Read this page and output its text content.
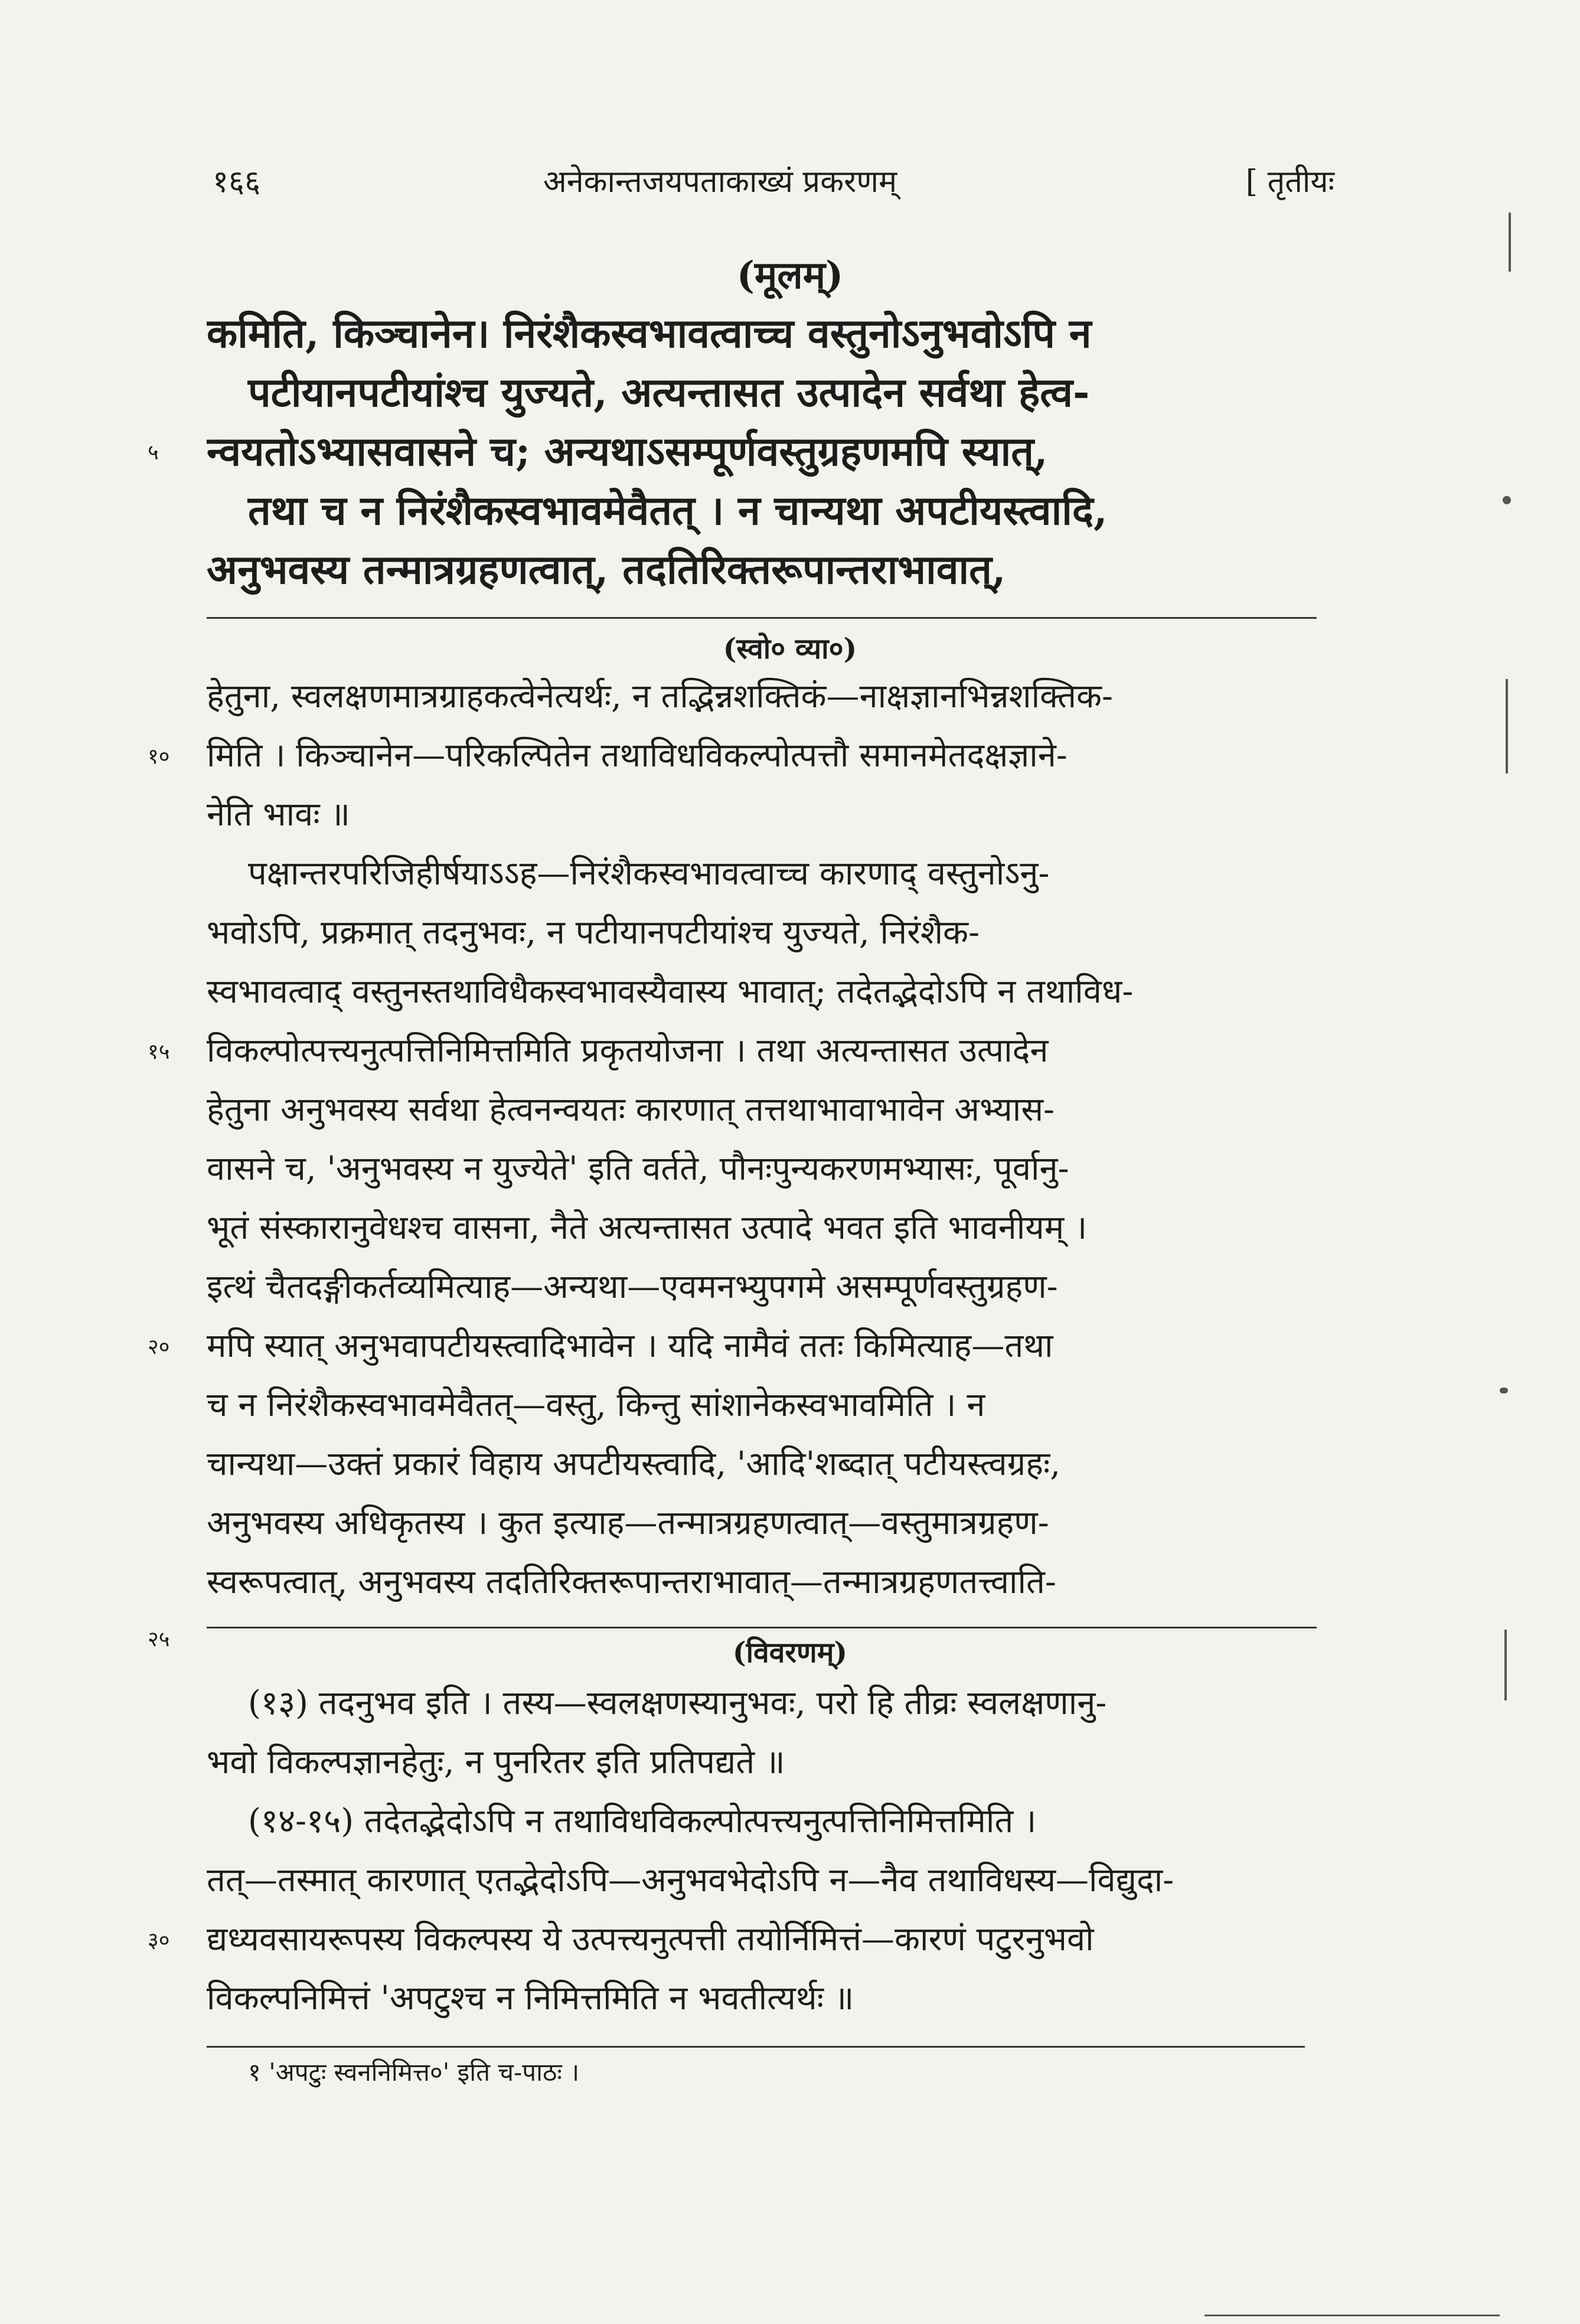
१६६	अनेकान्तजयपताकाख्यं प्रकरणम्	[ तृतीयः
(मूलम्)
कमिति, किञ्चानेन। निरंशैकस्वभावत्वाच्च वस्तुनोऽनुभवोऽपि न
पटीयानपटीयांश्च युज्यते, अत्यन्तासत उत्पादेन सर्वथा हेत्व-
५	न्वयतोऽभ्यासवासने च; अन्यथाऽसम्पूर्णवस्तुग्रहणमपि स्यात्,
तथा च न निरंशैकस्वभावमेवैतत् । न चान्यथा अपटीयस्त्वादि,
अनुभवस्य तन्मात्रग्रहणत्वात्, तदतिरिक्तरूपान्तराभावात्,
(स्वो० व्या०)
हेतुना, स्वलक्षणमात्रग्राहकत्वेनेत्यर्थः, न तद्भिन्नशक्तिकं—नाक्षज्ञानभिन्नशक्तिक-
१०	मिति । किञ्चानेन—परिकल्पितेन तथाविधविकल्पोत्पत्तौ समानमेतदक्षज्ञाने-
नेति भावः ॥
पक्षान्तरपरिजिहीर्षयाऽऽह—निरंशैकस्वभावत्वाच्च कारणाद् वस्तुनोऽनु-
भवोऽपि, प्रक्रमात् तदनुभवः, न पटीयानपटीयांश्च युज्यते, निरंशैक-
स्वभावत्वाद् वस्तुनस्तथाविधैकस्वभावस्यैवास्य भावात्; तदेतद्भेदोऽपि न तथाविध-
१५	विकल्पोत्पत्त्यनुत्पत्तिनिमित्तमिति प्रकृतयोजना । तथा अत्यन्तासत उत्पादेन
हेतुना अनुभवस्य सर्वथा हेत्वनन्वयतः कारणात् तत्तथाभावाभावेन अभ्यास-
वासने च, 'अनुभवस्य न युज्येते' इति वर्तते, पौनःपुन्यकरणमभ्यासः, पूर्वानु-
भूतं संस्कारानुवेधश्च वासना, नैते अत्यन्तासत उत्पादे भवत इति भावनीयम् ।
इत्थं चैतदङ्गीकर्तव्यमित्याह—अन्यथा—एवमनभ्युपगमे असम्पूर्णवस्तुग्रहण-
२०	मपि स्यात् अनुभवापटीयस्त्वादिभावेन । यदि नामैवं ततः किमित्याह—तथा
च न निरंशैकस्वभावमेवैतत्—वस्तु, किन्तु सांशानेकस्वभावमिति । न
चान्यथा—उक्तं प्रकारं विहाय अपटीयस्त्वादि, 'आदि'शब्दात् पटीयस्त्वग्रहः,
अनुभवस्य अधिकृतस्य । कुत इत्याह—तन्मात्रग्रहणत्वात्—वस्तुमात्रग्रहण-
स्वरूपत्वात्, अनुभवस्य तदतिरिक्तरूपान्तराभावात्—तन्मात्रग्रहणतत्त्वाति-
२५	(विवरणम्)
(१३) तदनुभव इति । तस्य—स्वलक्षणस्यानुभवः, परो हि तीव्रः स्वलक्षणानु-
भवो विकल्पज्ञानहेतुः, न पुनरितर इति प्रतिपद्यते ॥
(१४-१५) तदेतद्भेदोऽपि न तथाविधविकल्पोत्पत्त्यनुत्पत्तिनिमित्तमिति ।
तत्—तस्मात् कारणात् एतद्भेदोऽपि—अनुभवभेदोऽपि न—नैव तथाविधस्य—विद्युदा-
३०	द्यध्यवसायरूपस्य विकल्पस्य ये उत्पत्त्यनुत्पत्ती तयोर्निमित्तं—कारणं पटुरनुभवो
विकल्पनिमित्तं 'अपटुश्च न निमित्तमिति न भवतीत्यर्थः ॥
१ 'अपटुः स्वननिमित्त०' इति च-पाठः ।
